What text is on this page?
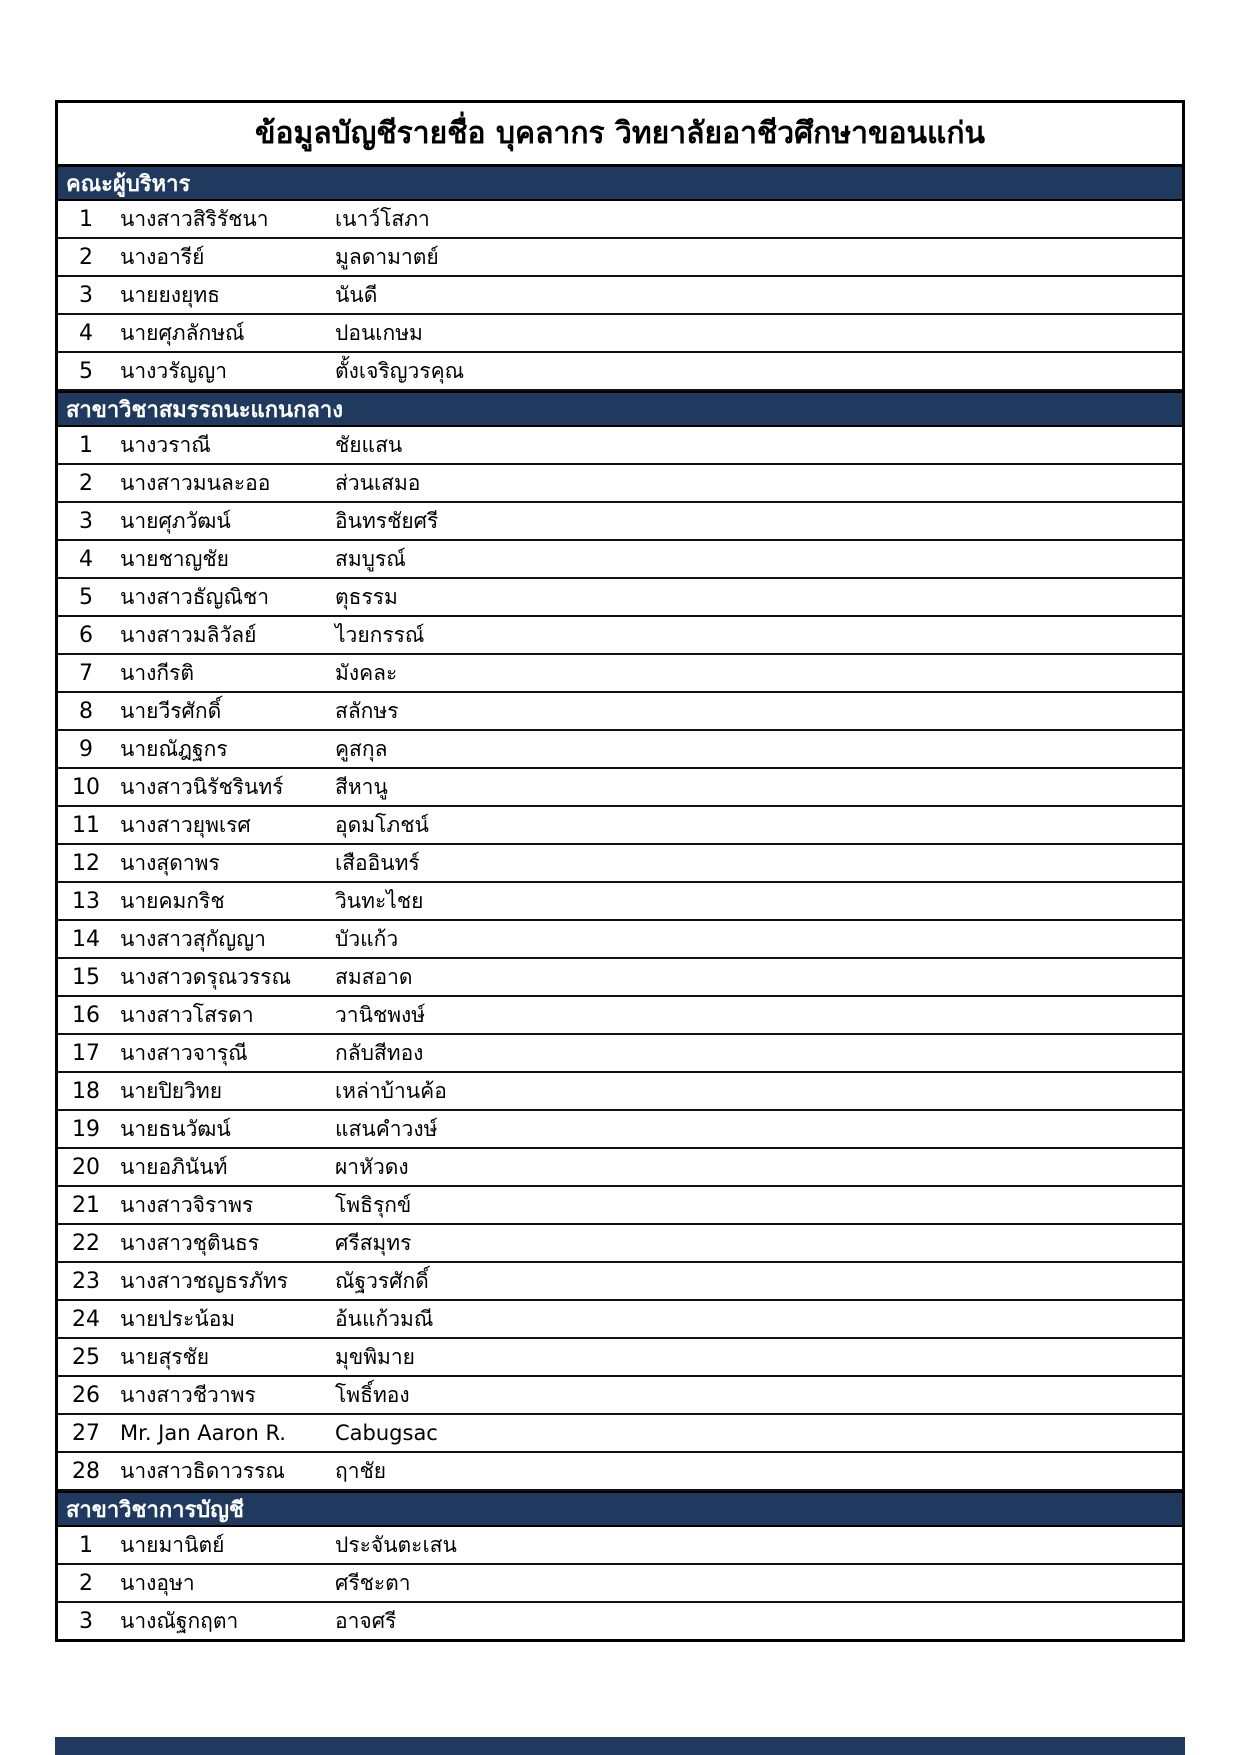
ข้อมูลบัญชีรายชื่อ บุคลากร วิทยาลัยอาชีวศึกษาขอนแก่น
คณะผู้บริหาร
1	นางสาวสิริรัชนา	เนาว์โสภา
2	นางอารีย์	มูลดามาตย์
3	นายยงยุทธ	นันดี
4	นายศุภลักษณ์	ปอนเกษม
5	นางวรัญญา	ตั้งเจริญวรคุณ
สาขาวิชาสมรรถนะแกนกลาง
1	นางวราณี	ชัยแสน
2	นางสาวมนละออ	ส่วนเสมอ
3	นายศุภวัฒน์	อินทรชัยศรี
4	นายชาญชัย	สมบูรณ์
5	นางสาวธัญณิชา	ตุธรรม
6	นางสาวมลิวัลย์	ไวยกรรณ์
7	นางกีรติ	มังคละ
8	นายวีรศักดิ์	สลักษร
9	นายณัฎฐกร	คูสกุล
10 นางสาวนิรัชรินทร์	สีหานู
11 นางสาวยุพเรศ	อุดมโภชน์
12 นางสุดาพร	เสืออินทร์
13 นายคมกริช	วินทะไชย
14 นางสาวสุกัญญา	บัวแก้ว
15 นางสาวดรุณวรรณ	สมสอาด
16 นางสาวโสรดา	วานิชพงษ์
17 นางสาวจารุณี	กลับสีทอง
18 นายปิยวิทย	เหล่าบ้านค้อ
19 นายธนวัฒน์	แสนคำวงษ์
20 นายอภินันท์	ผาหัวดง
21 นางสาวจิราพร	โพธิรุกข์
22 นางสาวชุตินธร	ศรีสมุทร
23 นางสาวชญธรภัทร	ณัฐวรศักดิ์
24 นายประน้อม	อ้นแก้วมณี
25 นายสุรชัย	มุขพิมาย
26 นางสาวชีวาพร	โพธิ์ทอง
27 Mr. Jan Aaron R.	Cabugsac
28 นางสาวธิดาวรรณ	ฤาชัย
สาขาวิชาการบัญชี
1	นายมานิตย์	ประจันตะเสน
2	นางอุษา	ศรีชะตา
3	นางณัฐกฤตา	อาจศรี
